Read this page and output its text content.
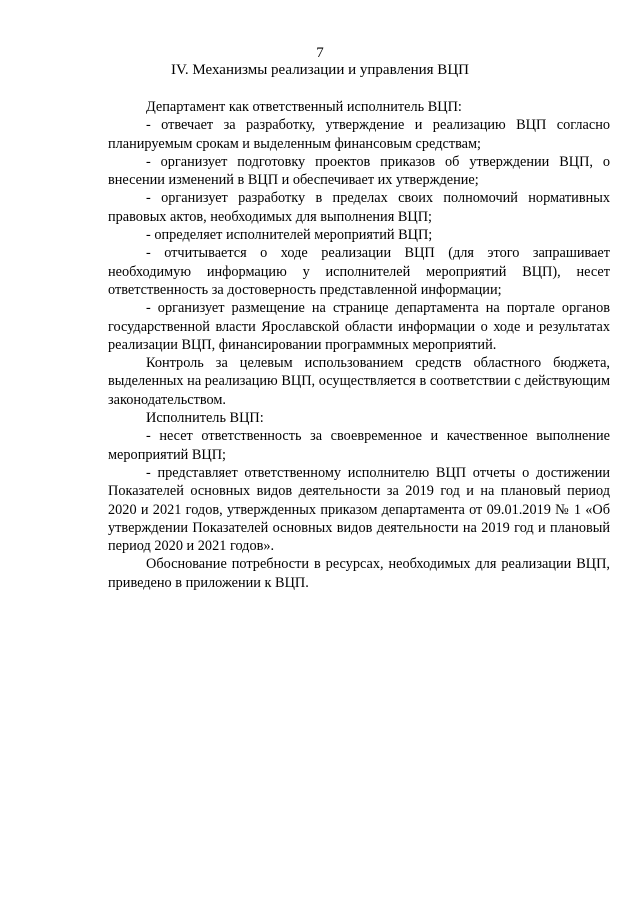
7
IV. Механизмы реализации и управления ВЦП

Департамент как ответственный исполнитель ВЦП:

- отвечает за разработку, утверждение и реализацию ВЦП согласно планируемым срокам и выделенным финансовым средствам;

- организует подготовку проектов приказов об утверждении ВЦП, о внесении изменений в ВЦП и обеспечивает их утверждение;

- организует разработку в пределах своих полномочий нормативных правовых актов, необходимых для выполнения ВЦП;

- определяет исполнителей мероприятий ВЦП;

- отчитывается о ходе реализации ВЦП (для этого запрашивает необходимую информацию у исполнителей мероприятий ВЦП), несет ответственность за достоверность представленной информации;

- организует размещение на странице департамента на портале органов государственной власти Ярославской области информации о ходе и результатах реализации ВЦП, финансировании программных мероприятий.

Контроль за целевым использованием средств областного бюджета, выделенных на реализацию ВЦП, осуществляется в соответствии с действующим законодательством.

Исполнитель ВЦП:

- несет ответственность за своевременное и качественное выполнение мероприятий ВЦП;

- представляет ответственному исполнителю ВЦП отчеты о достижении Показателей основных видов деятельности за 2019 год и на плановый период 2020 и 2021 годов, утвержденных приказом департамента от 09.01.2019 № 1 «Об утверждении Показателей основных видов деятельности на 2019 год и плановый период 2020 и 2021 годов».

Обоснование потребности в ресурсах, необходимых для реализации ВЦП, приведено в приложении к ВЦП.
